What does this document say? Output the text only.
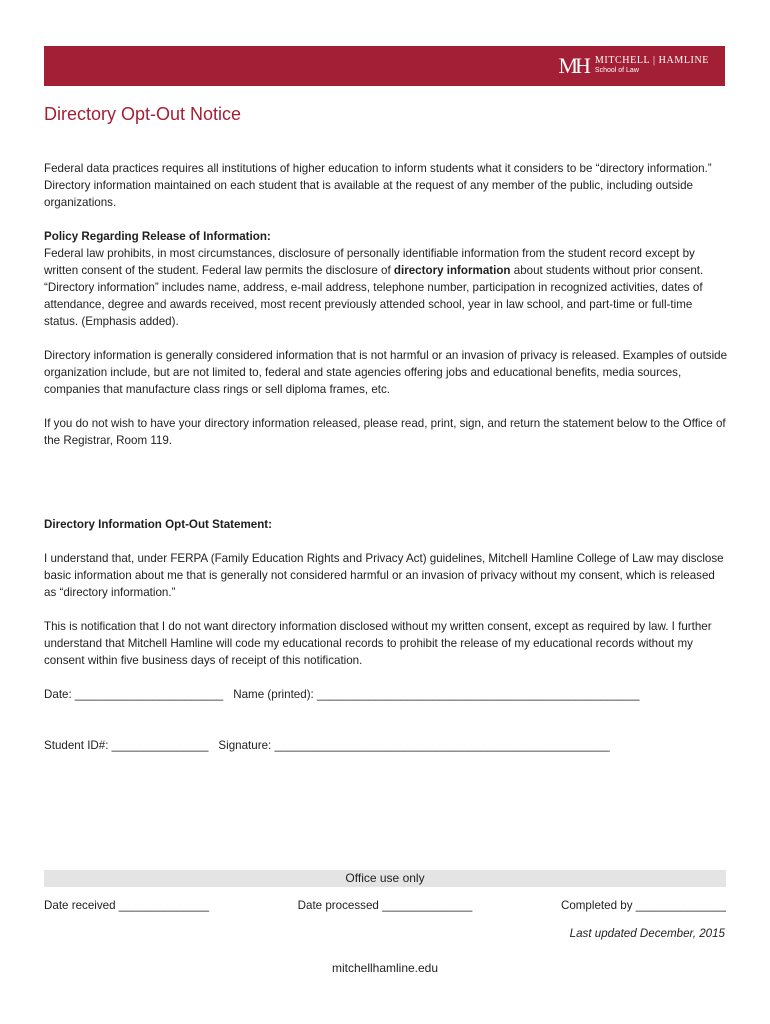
MH MITCHELL | HAMLINE
School of Law
Directory Opt-Out Notice

Federal data practices requires all institutions of higher education to inform students what it considers to be “directory information.” Directory information maintained on each student that is available at the request of any member of the public, including outside organizations.

Policy Regarding Release of Information:
Federal law prohibits, in most circumstances, disclosure of personally identifiable information from the student record except by written consent of the student. Federal law permits the disclosure of directory information about students without prior consent. “Directory information” includes name, address, e-mail address, telephone number, participation in recognized activities, dates of attendance, degree and awards received, most recent previously attended school, year in law school, and part-time or full-time status. (Emphasis added).

Directory information is generally considered information that is not harmful or an invasion of privacy is released. Examples of outside organization include, but are not limited to, federal and state agencies offering jobs and educational benefits, media sources, companies that manufacture class rings or sell diploma frames, etc.

If you do not wish to have your directory information released, please read, print, sign, and return the statement below to the Office of the Registrar, Room 119.

Directory Information Opt-Out Statement:

I understand that, under FERPA (Family Education Rights and Privacy Act) guidelines, Mitchell Hamline College of Law may disclose basic information about me that is generally not considered harmful or an invasion of privacy without my consent, which is released as “directory information.”

This is notification that I do not want directory information disclosed without my written consent, except as required by law. I further understand that Mitchell Hamline will code my educational records to prohibit the release of my educational records without my consent within five business days of receipt of this notification.

Date: _______________________ Name (printed): __________________________________________________
Student ID#: _______________ Signature: ____________________________________________________
Office use only
Date received ______________	Date processed ______________	Completed by ______________
Last updated December, 2015
mitchellhamline.edu
